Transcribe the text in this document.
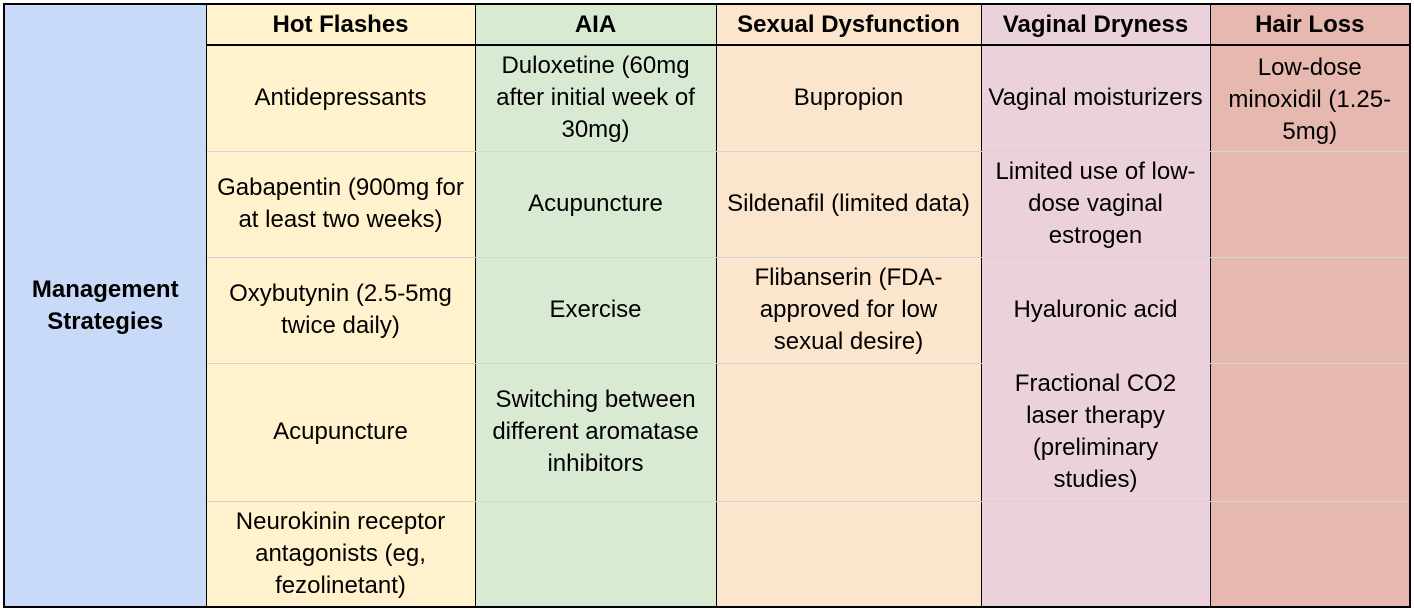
Management Strategies	Hot Flashes	AIA	Sexual Dysfunction	Vaginal Dryness	Hair Loss
	Antidepressants	Duloxetine (60mg after initial week of 30mg)	Bupropion	Vaginal moisturizers	Low-dose minoxidil (1.25-5mg)
	Gabapentin (900mg for at least two weeks)	Acupuncture	Sildenafil (limited data)	Limited use of low-dose vaginal estrogen	
	Oxybutynin (2.5-5mg twice daily)	Exercise	Flibanserin (FDA-approved for low sexual desire)	Hyaluronic acid	
	Acupuncture	Switching between different aromatase inhibitors		Fractional CO2 laser therapy (preliminary studies)	
	Neurokinin receptor antagonists (eg, fezolinetant)				
